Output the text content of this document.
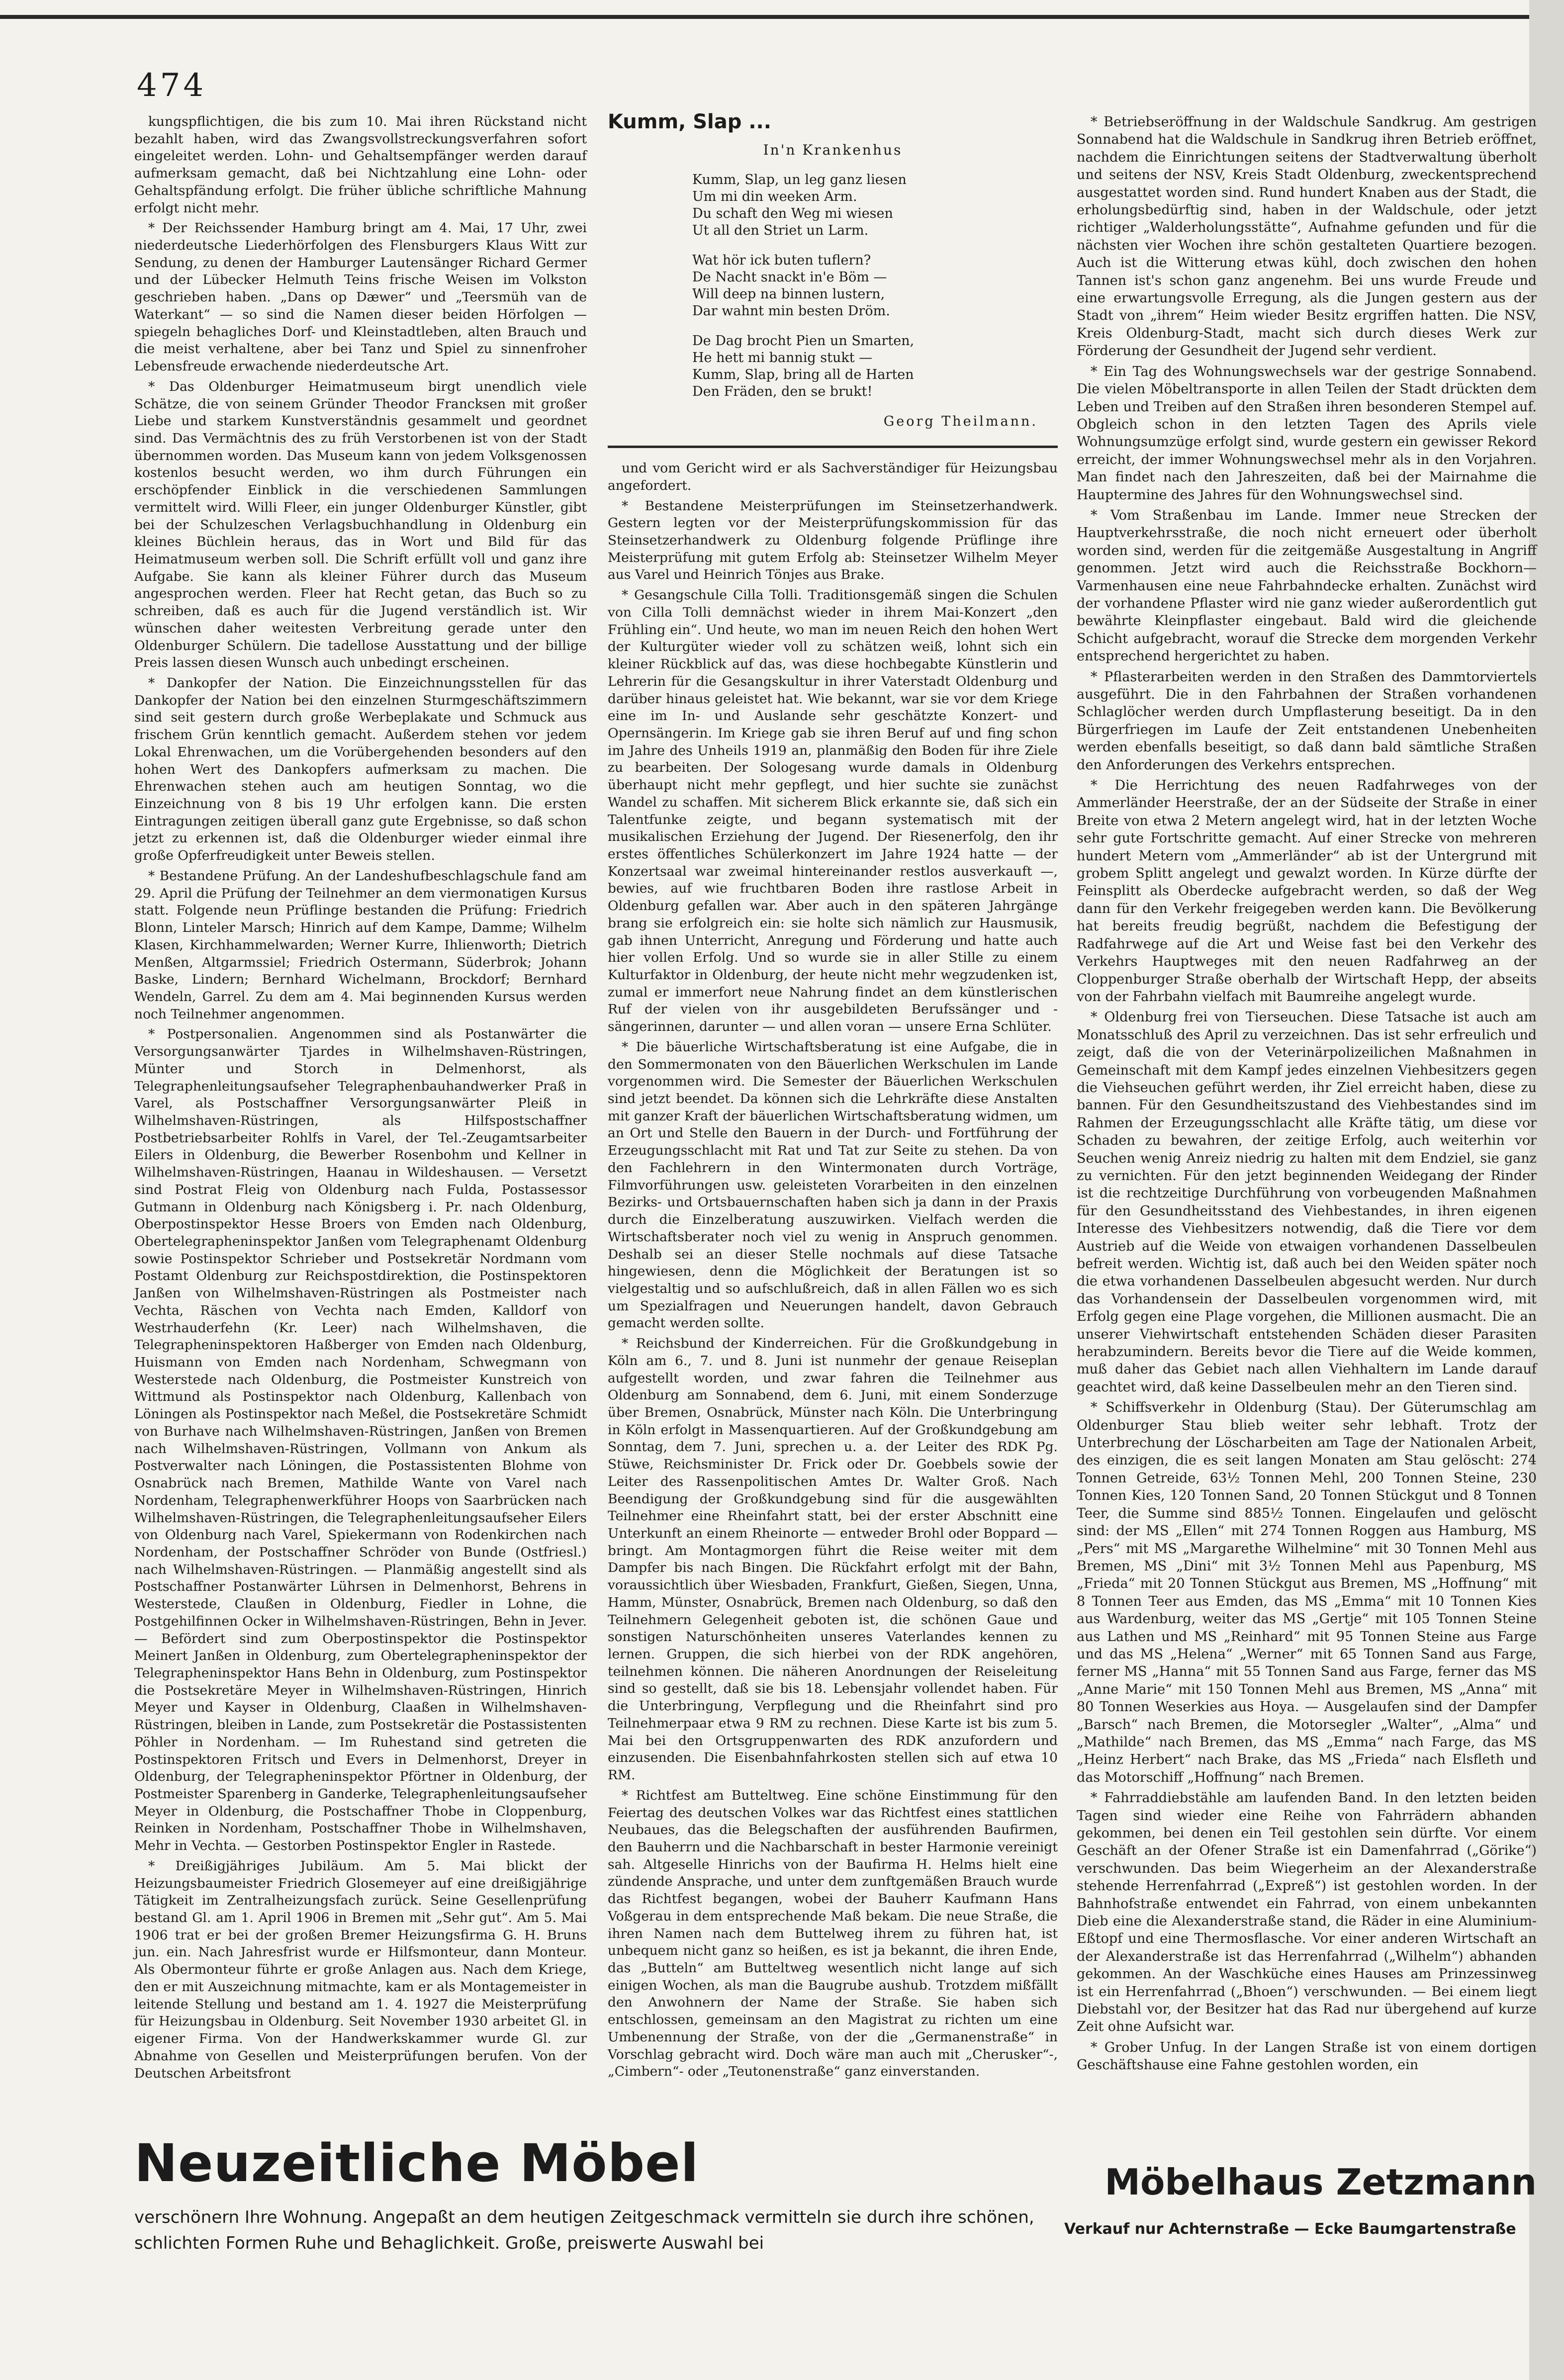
474

kungspflichtigen, die bis zum 10. Mai ihren Rückstand nicht bezahlt haben, wird das Zwangsvollstreckungsverfahren sofort eingeleitet werden. Lohn- und Gehaltsempfänger werden darauf aufmerksam gemacht, daß bei Nichtzahlung eine Lohn- oder Gehaltspfändung erfolgt. Die früher übliche schriftliche Mahnung erfolgt nicht mehr.

* Der Reichssender Hamburg bringt am 4. Mai, 17 Uhr, zwei niederdeutsche Liederhörfolgen des Flensburgers Klaus Witt zur Sendung, zu denen der Hamburger Lautensänger Richard Germer und der Lübecker Helmuth Teins frische Weisen im Volkston geschrieben haben. „Dans op Dæwer“ und „Teersmüh van de Waterkant“ — so sind die Namen dieser beiden Hörfolgen — spiegeln behagliches Dorf- und Kleinstadtleben, alten Brauch und die meist verhaltene, aber bei Tanz und Spiel zu sinnenfroher Lebensfreude erwachende niederdeutsche Art.

* Das Oldenburger Heimatmuseum birgt unendlich viele Schätze, die von seinem Gründer Theodor Francksen mit großer Liebe und starkem Kunstverständnis gesammelt und geordnet sind. Das Vermächtnis des zu früh Verstorbenen ist von der Stadt übernommen worden. Das Museum kann von jedem Volksgenossen kostenlos besucht werden, wo ihm durch Führungen ein erschöpfender Einblick in die verschiedenen Sammlungen vermittelt wird. Willi Fleer, ein junger Oldenburger Künstler, gibt bei der Schulzeschen Verlagsbuchhandlung in Oldenburg ein kleines Büchlein heraus, das in Wort und Bild für das Heimatmuseum werben soll. Die Schrift erfüllt voll und ganz ihre Aufgabe. Sie kann als kleiner Führer durch das Museum angesprochen werden. Fleer hat Recht getan, das Buch so zu schreiben, daß es auch für die Jugend verständlich ist. Wir wünschen daher weitesten Verbreitung gerade unter den Oldenburger Schülern. Die tadellose Ausstattung und der billige Preis lassen diesen Wunsch auch unbedingt erscheinen.

* Dankopfer der Nation. Die Einzeichnungsstellen für das Dankopfer der Nation bei den einzelnen Sturmgeschäftszimmern sind seit gestern durch große Werbeplakate und Schmuck aus frischem Grün kenntlich gemacht. Außerdem stehen vor jedem Lokal Ehrenwachen, um die Vorübergehenden besonders auf den hohen Wert des Dankopfers aufmerksam zu machen. Die Ehrenwachen stehen auch am heutigen Sonntag, wo die Einzeichnung von 8 bis 19 Uhr erfolgen kann. Die ersten Eintragungen zeitigen überall ganz gute Ergebnisse, so daß schon jetzt zu erkennen ist, daß die Oldenburger wieder einmal ihre große Opferfreudigkeit unter Beweis stellen.

* Bestandene Prüfung. An der Landeshufbeschlagschule fand am 29. April die Prüfung der Teilnehmer an dem viermonatigen Kursus statt. Folgende neun Prüflinge bestanden die Prüfung: Friedrich Blonn, Linteler Marsch; Hinrich auf dem Kampe, Damme; Wilhelm Klasen, Kirchhammelwarden; Werner Kurre, Ihlienworth; Dietrich Menßen, Altgarmssiel; Friedrich Ostermann, Süderbrok; Johann Baske, Lindern; Bernhard Wichelmann, Brockdorf; Bernhard Wendeln, Garrel. Zu dem am 4. Mai beginnenden Kursus werden noch Teilnehmer angenommen.

* Postpersonalien. Angenommen sind als Postanwärter die Versorgungsanwärter Tjardes in Wilhelmshaven-Rüstringen, Münter und Storch in Delmenhorst, als Telegraphenleitungsaufseher Telegraphenbauhandwerker Praß in Varel, als Postschaffner Versorgungsanwärter Pleiß in Wilhelmshaven-Rüstringen, als Hilfspostschaffner Postbetriebsarbeiter Rohlfs in Varel, der Tel.-Zeugamtsarbeiter Eilers in Oldenburg, die Bewerber Rosenbohm und Kellner in Wilhelmshaven-Rüstringen, Haanau in Wildeshausen. — Versetzt sind Postrat Fleig von Oldenburg nach Fulda, Postassessor Gutmann in Oldenburg nach Königsberg i. Pr. nach Oldenburg, Oberpostinspektor Hesse Broers von Emden nach Oldenburg, Obertelegrapheninspektor Janßen vom Telegraphenamt Oldenburg sowie Postinspektor Schrieber und Postsekretär Nordmann vom Postamt Oldenburg zur Reichspostdirektion, die Postinspektoren Janßen von Wilhelmshaven-Rüstringen als Postmeister nach Vechta, Räschen von Vechta nach Emden, Kalldorf von Westrhauderfehn (Kr. Leer) nach Wilhelmshaven, die Telegrapheninspektoren Haßberger von Emden nach Oldenburg, Huismann von Emden nach Nordenham, Schwegmann von Westerstede nach Oldenburg, die Postmeister Kunstreich von Wittmund als Postinspektor nach Oldenburg, Kallenbach von Löningen als Postinspektor nach Meßel, die Postsekretäre Schmidt von Burhave nach Wilhelmshaven-Rüstringen, Janßen von Bremen nach Wilhelmshaven-Rüstringen, Vollmann von Ankum als Postverwalter nach Löningen, die Postassistenten Blohme von Osnabrück nach Bremen, Mathilde Wante von Varel nach Nordenham, Telegraphenwerkführer Hoops von Saarbrücken nach Wilhelmshaven-Rüstringen, die Telegraphenleitungsaufseher Eilers von Oldenburg nach Varel, Spiekermann von Rodenkirchen nach Nordenham, der Postschaffner Schröder von Bunde (Ostfriesl.) nach Wilhelmshaven-Rüstringen. — Planmäßig angestellt sind als Postschaffner Postanwärter Lührsen in Delmenhorst, Behrens in Westerstede, Claußen in Oldenburg, Fiedler in Lohne, die Postgehilfinnen Ocker in Wilhelmshaven-Rüstringen, Behn in Jever. — Befördert sind zum Oberpostinspektor die Postinspektor Meinert Janßen in Oldenburg, zum Obertelegrapheninspektor der Telegrapheninspektor Hans Behn in Oldenburg, zum Postinspektor die Postsekretäre Meyer in Wilhelmshaven-Rüstringen, Hinrich Meyer und Kayser in Oldenburg, Claaßen in Wilhelmshaven-Rüstringen, bleiben in Lande, zum Postsekretär die Postassistenten Pöhler in Nordenham. — Im Ruhestand sind getreten die Postinspektoren Fritsch und Evers in Delmenhorst, Dreyer in Oldenburg, der Telegrapheninspektor Pförtner in Oldenburg, der Postmeister Sparenberg in Ganderke, Telegraphenleitungsaufseher Meyer in Oldenburg, die Postschaffner Thobe in Cloppenburg, Reinken in Nordenham, Postschaffner Thobe in Wilhelmshaven, Mehr in Vechta. — Gestorben Postinspektor Engler in Rastede.

* Dreißigjähriges Jubiläum. Am 5. Mai blickt der Heizungsbaumeister Friedrich Glosemeyer auf eine dreißigjährige Tätigkeit im Zentralheizungsfach zurück. Seine Gesellenprüfung bestand Gl. am 1. April 1906 in Bremen mit „Sehr gut“. Am 5. Mai 1906 trat er bei der großen Bremer Heizungsfirma G. H. Bruns jun. ein. Nach Jahresfrist wurde er Hilfsmonteur, dann Monteur. Als Obermonteur führte er große Anlagen aus. Nach dem Kriege, den er mit Auszeichnung mitmachte, kam er als Montagemeister in leitende Stellung und bestand am 1. 4. 1927 die Meisterprüfung für Heizungsbau in Oldenburg. Seit November 1930 arbeitet Gl. in eigener Firma. Von der Handwerkskammer wurde Gl. zur Abnahme von Gesellen und Meisterprüfungen berufen. Von der Deutschen Arbeitsfront

Kumm, Slap ...
In'n Krankenhus
Kumm, Slap, un leg ganz liesen
Um mi din weeken Arm.
Du schaft den Weg mi wiesen
Ut all den Striet un Larm.
Wat hör ick buten tuflern?
De Nacht snackt in'e Böm —
Will deep na binnen lustern,
Dar wahnt min besten Dröm.
De Dag brocht Pien un Smarten,
He hett mi bannig stukt —
Kumm, Slap, bring all de Harten
Den Fräden, den se brukt!
Georg Theilmann.

und vom Gericht wird er als Sachverständiger für Heizungsbau angefordert.

* Bestandene Meisterprüfungen im Steinsetzerhandwerk. Gestern legten vor der Meisterprüfungskommission für das Steinsetzerhandwerk zu Oldenburg folgende Prüflinge ihre Meisterprüfung mit gutem Erfolg ab: Steinsetzer Wilhelm Meyer aus Varel und Heinrich Tönjes aus Brake.

* Gesangschule Cilla Tolli. Traditionsgemäß singen die Schulen von Cilla Tolli demnächst wieder in ihrem Mai-Konzert „den Frühling ein“. Und heute, wo man im neuen Reich den hohen Wert der Kulturgüter wieder voll zu schätzen weiß, lohnt sich ein kleiner Rückblick auf das, was diese hochbegabte Künstlerin und Lehrerin für die Gesangskultur in ihrer Vaterstadt Oldenburg und darüber hinaus geleistet hat. Wie bekannt, war sie vor dem Kriege eine im In- und Auslande sehr geschätzte Konzert- und Opernsängerin. Im Kriege gab sie ihren Beruf auf und fing schon im Jahre des Unheils 1919 an, planmäßig den Boden für ihre Ziele zu bearbeiten. Der Sologesang wurde damals in Oldenburg überhaupt nicht mehr gepflegt, und hier suchte sie zunächst Wandel zu schaffen. Mit sicherem Blick erkannte sie, daß sich ein Talentfunke zeigte, und begann systematisch mit der musikalischen Erziehung der Jugend. Der Riesenerfolg, den ihr erstes öffentliches Schülerkonzert im Jahre 1924 hatte — der Konzertsaal war zweimal hintereinander restlos ausverkauft —, bewies, auf wie fruchtbaren Boden ihre rastlose Arbeit in Oldenburg gefallen war. Aber auch in den späteren Jahrgänge brang sie erfolgreich ein: sie holte sich nämlich zur Hausmusik, gab ihnen Unterricht, Anregung und Förderung und hatte auch hier vollen Erfolg. Und so wurde sie in aller Stille zu einem Kulturfaktor in Oldenburg, der heute nicht mehr wegzudenken ist, zumal er immerfort neue Nahrung findet an dem künstlerischen Ruf der vielen von ihr ausgebildeten Berufssänger und -sängerinnen, darunter — und allen voran — unsere Erna Schlüter.

* Die bäuerliche Wirtschaftsberatung ist eine Aufgabe, die in den Sommermonaten von den Bäuerlichen Werkschulen im Lande vorgenommen wird. Die Semester der Bäuerlichen Werkschulen sind jetzt beendet. Da können sich die Lehrkräfte diese Anstalten mit ganzer Kraft der bäuerlichen Wirtschaftsberatung widmen, um an Ort und Stelle den Bauern in der Durch- und Fortführung der Erzeugungsschlacht mit Rat und Tat zur Seite zu stehen. Da von den Fachlehrern in den Wintermonaten durch Vorträge, Filmvorführungen usw. geleisteten Vorarbeiten in den einzelnen Bezirks- und Ortsbauernschaften haben sich ja dann in der Praxis durch die Einzelberatung auszuwirken. Vielfach werden die Wirtschaftsberater noch viel zu wenig in Anspruch genommen. Deshalb sei an dieser Stelle nochmals auf diese Tatsache hingewiesen, denn die Möglichkeit der Beratungen ist so vielgestaltig und so aufschlußreich, daß in allen Fällen wo es sich um Spezialfragen und Neuerungen handelt, davon Gebrauch gemacht werden sollte.

* Reichsbund der Kinderreichen. Für die Großkundgebung in Köln am 6., 7. und 8. Juni ist nunmehr der genaue Reiseplan aufgestellt worden, und zwar fahren die Teilnehmer aus Oldenburg am Sonnabend, dem 6. Juni, mit einem Sonderzuge über Bremen, Osnabrück, Münster nach Köln. Die Unterbringung in Köln erfolgt in Massenquartieren. Auf der Großkundgebung am Sonntag, dem 7. Juni, sprechen u. a. der Leiter des RDK Pg. Stüwe, Reichsminister Dr. Frick oder Dr. Goebbels sowie der Leiter des Rassenpolitischen Amtes Dr. Walter Groß. Nach Beendigung der Großkundgebung sind für die ausgewählten Teilnehmer eine Rheinfahrt statt, bei der erster Abschnitt eine Unterkunft an einem Rheinorte — entweder Brohl oder Boppard — bringt. Am Montagmorgen führt die Reise weiter mit dem Dampfer bis nach Bingen. Die Rückfahrt erfolgt mit der Bahn, voraussichtlich über Wiesbaden, Frankfurt, Gießen, Siegen, Unna, Hamm, Münster, Osnabrück, Bremen nach Oldenburg, so daß den Teilnehmern Gelegenheit geboten ist, die schönen Gaue und sonstigen Naturschönheiten unseres Vaterlandes kennen zu lernen. Gruppen, die sich hierbei von der RDK angehören, teilnehmen können. Die näheren Anordnungen der Reiseleitung sind so gestellt, daß sie bis 18. Lebensjahr vollendet haben. Für die Unterbringung, Verpflegung und die Rheinfahrt sind pro Teilnehmerpaar etwa 9 RM zu rechnen. Diese Karte ist bis zum 5. Mai bei den Ortsgruppenwarten des RDK anzufordern und einzusenden. Die Eisenbahnfahrkosten stellen sich auf etwa 10 RM.

* Richtfest am Butteltweg. Eine schöne Einstimmung für den Feiertag des deutschen Volkes war das Richtfest eines stattlichen Neubaues, das die Belegschaften der ausführenden Baufirmen, den Bauherrn und die Nachbarschaft in bester Harmonie vereinigt sah. Altgeselle Hinrichs von der Baufirma H. Helms hielt eine zündende Ansprache, und unter dem zunftgemäßen Brauch wurde das Richtfest begangen, wobei der Bauherr Kaufmann Hans Voßgerau in dem entsprechende Maß bekam. Die neue Straße, die ihren Namen nach dem Buttelweg ihrem zu führen hat, ist unbequem nicht ganz so heißen, es ist ja bekannt, die ihren Ende, das „Butteln“ am Butteltweg wesentlich nicht lange auf sich einigen Wochen, als man die Baugrube aushub. Trotzdem mißfällt den Anwohnern der Name der Straße. Sie haben sich entschlossen, gemeinsam an den Magistrat zu richten um eine Umbenennung der Straße, von der die „Germanenstraße“ in Vorschlag gebracht wird. Doch wäre man auch mit „Cherusker“-, „Cimbern“- oder „Teutonenstraße“ ganz einverstanden.

* Betriebseröffnung in der Waldschule Sandkrug. Am gestrigen Sonnabend hat die Waldschule in Sandkrug ihren Betrieb eröffnet, nachdem die Einrichtungen seitens der Stadtverwaltung überholt und seitens der NSV, Kreis Stadt Oldenburg, zweckentsprechend ausgestattet worden sind. Rund hundert Knaben aus der Stadt, die erholungsbedürftig sind, haben in der Waldschule, oder jetzt richtiger „Walderholungsstätte“, Aufnahme gefunden und für die nächsten vier Wochen ihre schön gestalteten Quartiere bezogen. Auch ist die Witterung etwas kühl, doch zwischen den hohen Tannen ist's schon ganz angenehm. Bei uns wurde Freude und eine erwartungsvolle Erregung, als die Jungen gestern aus der Stadt von „ihrem“ Heim wieder Besitz ergriffen hatten. Die NSV, Kreis Oldenburg-Stadt, macht sich durch dieses Werk zur Förderung der Gesundheit der Jugend sehr verdient.

* Ein Tag des Wohnungswechsels war der gestrige Sonnabend. Die vielen Möbeltransporte in allen Teilen der Stadt drückten dem Leben und Treiben auf den Straßen ihren besonderen Stempel auf. Obgleich schon in den letzten Tagen des Aprils viele Wohnungsumzüge erfolgt sind, wurde gestern ein gewisser Rekord erreicht, der immer Wohnungswechsel mehr als in den Vorjahren. Man findet nach den Jahreszeiten, daß bei der Mairnahme die Hauptermine des Jahres für den Wohnungswechsel sind.

* Vom Straßenbau im Lande. Immer neue Strecken der Hauptverkehrsstraße, die noch nicht erneuert oder überholt worden sind, werden für die zeitgemäße Ausgestaltung in Angriff genommen. Jetzt wird auch die Reichsstraße Bockhorn—Varmenhausen eine neue Fahrbahndecke erhalten. Zunächst wird der vorhandene Pflaster wird nie ganz wieder außerordentlich gut bewährte Kleinpflaster eingebaut. Bald wird die gleichende Schicht aufgebracht, worauf die Strecke dem morgenden Verkehr entsprechend hergerichtet zu haben.

* Pflasterarbeiten werden in den Straßen des Dammtorviertels ausgeführt. Die in den Fahrbahnen der Straßen vorhandenen Schlaglöcher werden durch Umpflasterung beseitigt. Da in den Bürgerfriegen im Laufe der Zeit entstandenen Unebenheiten werden ebenfalls beseitigt, so daß dann bald sämtliche Straßen den Anforderungen des Verkehrs entsprechen.

* Die Herrichtung des neuen Radfahrweges von der Ammerländer Heerstraße, der an der Südseite der Straße in einer Breite von etwa 2 Metern angelegt wird, hat in der letzten Woche sehr gute Fortschritte gemacht. Auf einer Strecke von mehreren hundert Metern vom „Ammerländer“ ab ist der Untergrund mit grobem Splitt angelegt und gewalzt worden. In Kürze dürfte der Feinsplitt als Oberdecke aufgebracht werden, so daß der Weg dann für den Verkehr freigegeben werden kann. Die Bevölkerung hat bereits freudig begrüßt, nachdem die Befestigung der Radfahrwege auf die Art und Weise fast bei den Verkehr des Verkehrs Hauptweges mit den neuen Radfahrweg an der Cloppenburger Straße oberhalb der Wirtschaft Hepp, der abseits von der Fahrbahn vielfach mit Baumreihe angelegt wurde.

* Oldenburg frei von Tierseuchen. Diese Tatsache ist auch am Monatsschluß des April zu verzeichnen. Das ist sehr erfreulich und zeigt, daß die von der Veterinärpolizeilichen Maßnahmen in Gemeinschaft mit dem Kampf jedes einzelnen Viehbesitzers gegen die Viehseuchen geführt werden, ihr Ziel erreicht haben, diese zu bannen. Für den Gesundheitszustand des Viehbestandes sind im Rahmen der Erzeugungsschlacht alle Kräfte tätig, um diese vor Schaden zu bewahren, der zeitige Erfolg, auch weiterhin vor Seuchen wenig Anreiz niedrig zu halten mit dem Endziel, sie ganz zu vernichten. Für den jetzt beginnenden Weidegang der Rinder ist die rechtzeitige Durchführung von vorbeugenden Maßnahmen für den Gesundheitsstand des Viehbestandes, in ihren eigenen Interesse des Viehbesitzers notwendig, daß die Tiere vor dem Austrieb auf die Weide von etwaigen vorhandenen Dasselbeulen befreit werden. Wichtig ist, daß auch bei den Weiden später noch die etwa vorhandenen Dasselbeulen abgesucht werden. Nur durch das Vorhandensein der Dasselbeulen vorgenommen wird, mit Erfolg gegen eine Plage vorgehen, die Millionen ausmacht. Die an unserer Viehwirtschaft entstehenden Schäden dieser Parasiten herabzumindern. Bereits bevor die Tiere auf die Weide kommen, muß daher das Gebiet nach allen Viehhaltern im Lande darauf geachtet wird, daß keine Dasselbeulen mehr an den Tieren sind.

* Schiffsverkehr in Oldenburg (Stau). Der Güterumschlag am Oldenburger Stau blieb weiter sehr lebhaft. Trotz der Unterbrechung der Löscharbeiten am Tage der Nationalen Arbeit, des einzigen, die es seit langen Monaten am Stau gelöscht: 274 Tonnen Getreide, 63½ Tonnen Mehl, 200 Tonnen Steine, 230 Tonnen Kies, 120 Tonnen Sand, 20 Tonnen Stückgut und 8 Tonnen Teer, die Summe sind 885½ Tonnen. Eingelaufen und gelöscht sind: der MS „Ellen“ mit 274 Tonnen Roggen aus Hamburg, MS „Pers“ mit MS „Margarethe Wilhelmine“ mit 30 Tonnen Mehl aus Bremen, MS „Dini“ mit 3½ Tonnen Mehl aus Papenburg, MS „Frieda“ mit 20 Tonnen Stückgut aus Bremen, MS „Hoffnung“ mit 8 Tonnen Teer aus Emden, das MS „Emma“ mit 10 Tonnen Kies aus Wardenburg, weiter das MS „Gertje“ mit 105 Tonnen Steine aus Lathen und MS „Reinhard“ mit 95 Tonnen Steine aus Farge und das MS „Helena“ „Werner“ mit 65 Tonnen Sand aus Farge, ferner MS „Hanna“ mit 55 Tonnen Sand aus Farge, ferner das MS „Anne Marie“ mit 150 Tonnen Mehl aus Bremen, MS „Anna“ mit 80 Tonnen Weserkies aus Hoya. — Ausgelaufen sind der Dampfer „Barsch“ nach Bremen, die Motorsegler „Walter“, „Alma“ und „Mathilde“ nach Bremen, das MS „Emma“ nach Farge, das MS „Heinz Herbert“ nach Brake, das MS „Frieda“ nach Elsfleth und das Motorschiff „Hoffnung“ nach Bremen.

* Fahrraddiebstähle am laufenden Band. In den letzten beiden Tagen sind wieder eine Reihe von Fahrrädern abhanden gekommen, bei denen ein Teil gestohlen sein dürfte. Vor einem Geschäft an der Ofener Straße ist ein Damenfahrrad („Görike“) verschwunden. Das beim Wiegerheim an der Alexanderstraße stehende Herrenfahrrad („Expreß“) ist gestohlen worden. In der Bahnhofstraße entwendet ein Fahrrad, von einem unbekannten Dieb eine die Alexanderstraße stand, die Räder in eine Aluminium-Eßtopf und eine Thermosflasche. Vor einer anderen Wirtschaft an der Alexanderstraße ist das Herrenfahrrad („Wilhelm“) abhanden gekommen. An der Waschküche eines Hauses am Prinzessinweg ist ein Herrenfahrrad („Bhoen“) verschwunden. — Bei einem liegt Diebstahl vor, der Besitzer hat das Rad nur übergehend auf kurze Zeit ohne Aufsicht war.

* Grober Unfug. In der Langen Straße ist von einem dortigen Geschäftshause eine Fahne gestohlen worden, ein

Neuzeitliche Möbel
verschönern Ihre Wohnung. Angepaßt an dem heutigen Zeitgeschmack vermitteln sie durch ihre schönen, schlichten Formen Ruhe und Behaglichkeit. Große, preiswerte Auswahl bei
Möbelhaus Zetzmann
Verkauf nur Achternstraße — Ecke Baumgartenstraße
